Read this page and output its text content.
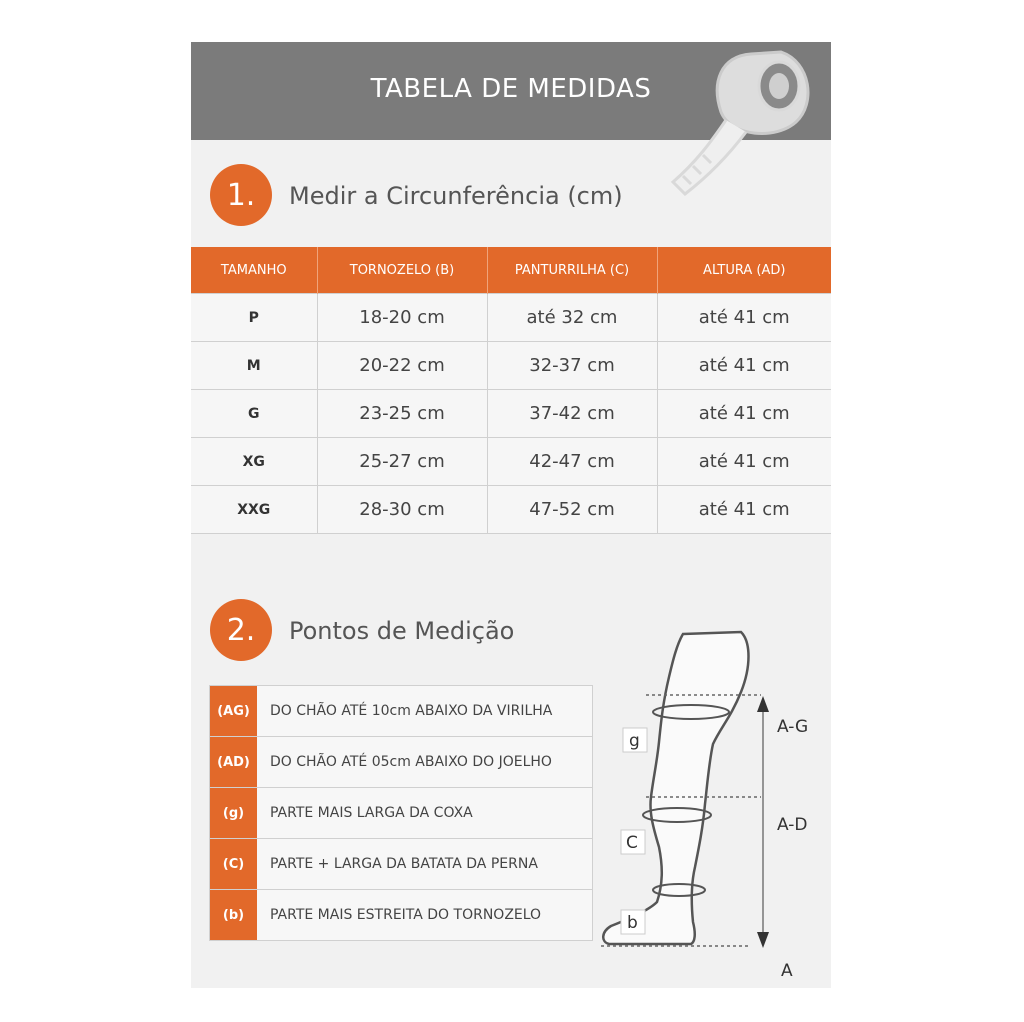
TABELA DE MEDIDAS
1.	Medir a Circunferência (cm)
TAMANHO	TORNOZELO (B)	PANTURRILHA (C)	ALTURA (AD)
P	18-20 cm	até 32 cm	até 41 cm
M	20-22 cm	32-37 cm	até 41 cm
G	23-25 cm	37-42 cm	até 41 cm
XG	25-27 cm	42-47 cm	até 41 cm
XXG	28-30 cm	47-52 cm	até 41 cm
2.	Pontos de Medição
(AG)	DO CHÃO ATÉ 10cm ABAIXO DA VIRILHA
(AD)	DO CHÃO ATÉ 05cm ABAIXO DO JOELHO
(g)	PARTE MAIS LARGA DA COXA
(C)	PARTE + LARGA DA BATATA DA PERNA
(b)	PARTE MAIS ESTREITA DO TORNOZELO
g
C
b
A-G
A-D
A
